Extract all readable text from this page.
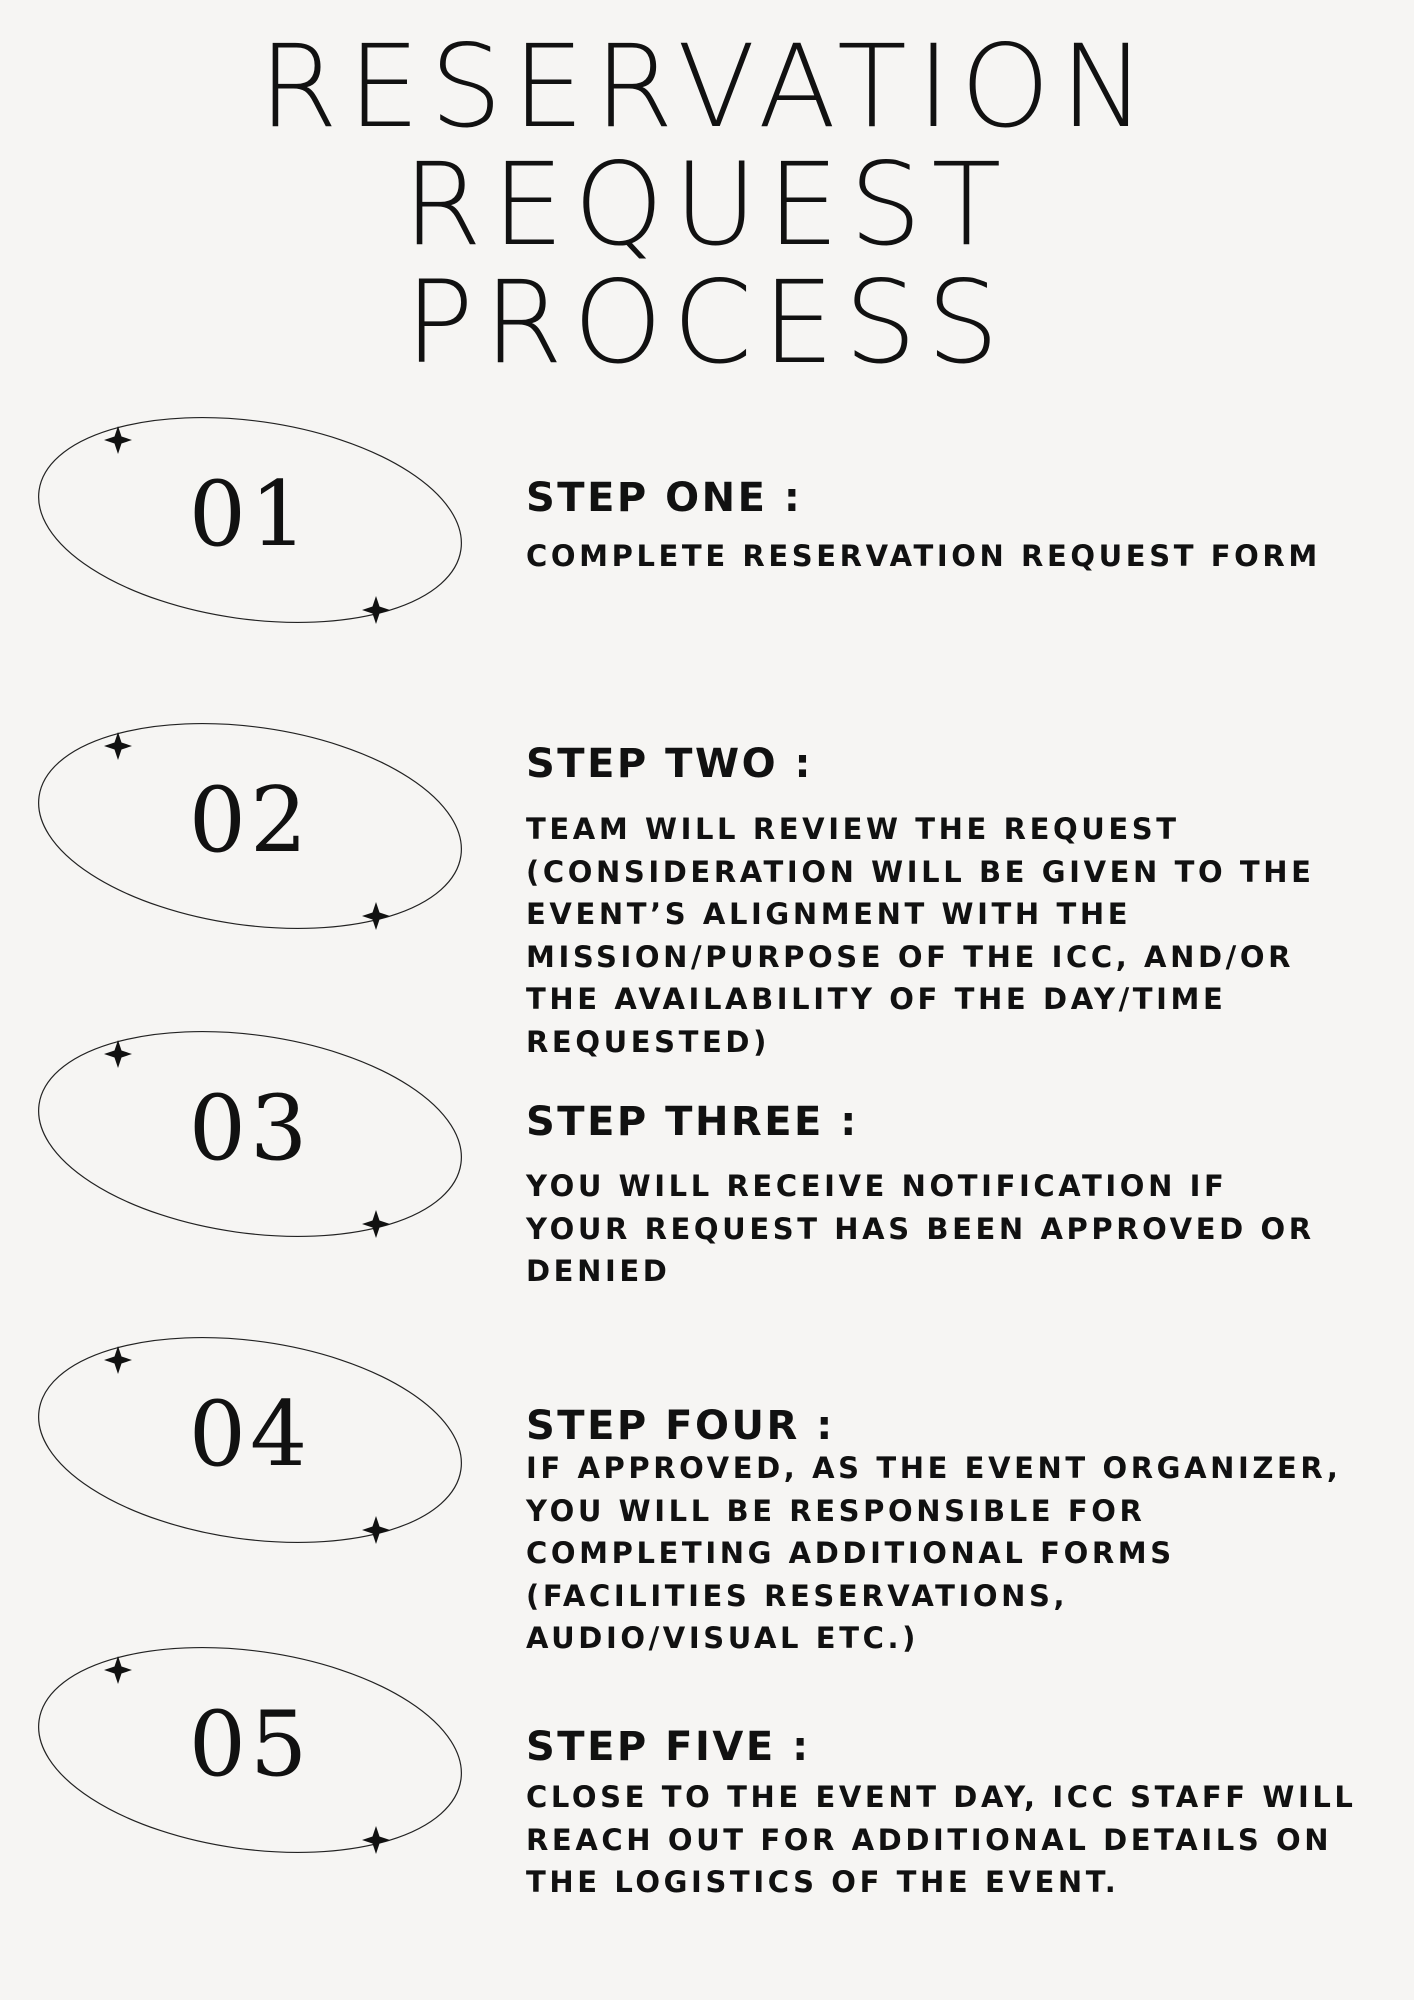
RESERVATION
REQUEST
PROCESS
01	STEP ONE :
COMPLETE RESERVATION REQUEST FORM
02
STEP TWO :
TEAM WILL REVIEW THE REQUEST
(CONSIDERATION WILL BE GIVEN TO THE
EVENT’S ALIGNMENT WITH THE
MISSION/PURPOSE OF THE ICC, AND/OR
THE AVAILABILITY OF THE DAY/TIME
REQUESTED)
03	STEP THREE :
YOU WILL RECEIVE NOTIFICATION IF
YOUR REQUEST HAS BEEN APPROVED OR
DENIED
04	STEP FOUR :
IF APPROVED, AS THE EVENT ORGANIZER,
YOU WILL BE RESPONSIBLE FOR
COMPLETING ADDITIONAL FORMS
(FACILITIES RESERVATIONS,
AUDIO/VISUAL ETC.)
05	STEP FIVE :
CLOSE TO THE EVENT DAY, ICC STAFF WILL
REACH OUT FOR ADDITIONAL DETAILS ON
THE LOGISTICS OF THE EVENT.
